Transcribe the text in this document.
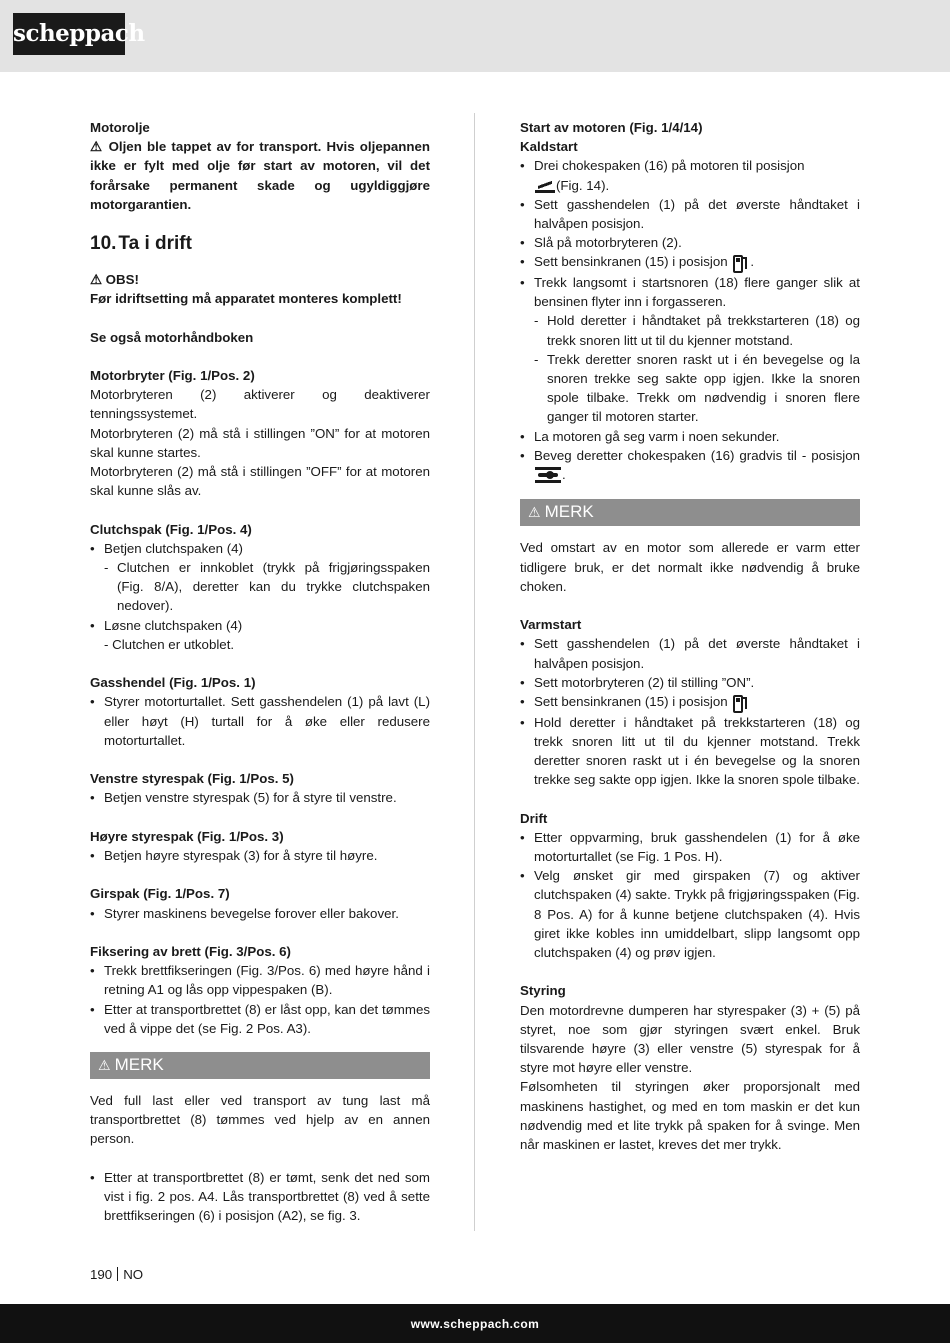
scheppach
Motorolje
⚠ Oljen ble tappet av for transport. Hvis oljepannen ikke er fylt med olje før start av motoren, vil det forårsake permanent skade og ugyldiggjøre motorgarantien.
10. Ta i drift
⚠ OBS!
Før idriftsetting må apparatet monteres komplett!
Se også motorhåndboken
Motorbryter (Fig. 1/Pos. 2)
Motorbryteren (2) aktiverer og deaktiverer tenningssystemet.
Motorbryteren (2) må stå i stillingen ”ON” for at motoren skal kunne startes.
Motorbryteren (2) må stå i stillingen ”OFF” for at motoren skal kunne slås av.
Clutchspak (Fig. 1/Pos. 4)
• Betjen clutchspaken (4)
- Clutchen er innkoblet (trykk på frigjøringsspaken (Fig. 8/A), deretter kan du trykke clutchspaken nedover).
• Løsne clutchspaken (4)
- Clutchen er utkoblet.
Gasshendel (Fig. 1/Pos. 1)
• Styrer motorturtallet. Sett gasshendelen (1) på lavt (L) eller høyt (H) turtall for å øke eller redusere motorturtallet.
Venstre styrespak (Fig. 1/Pos. 5)
• Betjen venstre styrespak (5) for å styre til venstre.
Høyre styrespak (Fig. 1/Pos. 3)
• Betjen høyre styrespak (3) for å styre til høyre.
Girspak (Fig. 1/Pos. 7)
• Styrer maskinens bevegelse forover eller bakover.
Fiksering av brett (Fig. 3/Pos. 6)
• Trekk brettfikseringen (Fig. 3/Pos. 6) med høyre hånd i retning A1 og lås opp vippespaken (B).
• Etter at transportbrettet (8) er låst opp, kan det tømmes ved å vippe det (se Fig. 2 Pos. A3).
⚠ MERK
Ved full last eller ved transport av tung last må transportbrettet (8) tømmes ved hjelp av en annen person.
• Etter at transportbrettet (8) er tømt, senk det ned som vist i fig. 2 pos. A4. Lås transportbrettet (8) ved å sette brettfikseringen (6) i posisjon (A2), se fig. 3.
Start av motoren (Fig. 1/4/14)
Kaldstart
• Drei chokespaken (16) på motoren til posisjon
(Fig. 14).
• Sett gasshendelen (1) på det øverste håndtaket i halvåpen posisjon.
• Slå på motorbryteren (2).
• Sett bensinkranen (15) i posisjon .
• Trekk langsomt i startsnoren (18) flere ganger slik at bensinen flyter inn i forgasseren.
- Hold deretter i håndtaket på trekkstarteren (18) og trekk snoren litt ut til du kjenner motstand.
- Trekk deretter snoren raskt ut i én bevegelse og la snoren trekke seg sakte opp igjen. Ikke la snoren spole tilbake. Trekk om nødvendig i snoren flere ganger til motoren starter.
• La motoren gå seg varm i noen sekunder.
• Beveg deretter chokespaken (16) gradvis til - posisjon
.
⚠ MERK
Ved omstart av en motor som allerede er varm etter tidligere bruk, er det normalt ikke nødvendig å bruke choken.
Varmstart
• Sett gasshendelen (1) på det øverste håndtaket i halvåpen posisjon.
• Sett motorbryteren (2) til stilling ”ON”.
• Sett bensinkranen (15) i posisjon
• Hold deretter i håndtaket på trekkstarteren (18) og trekk snoren litt ut til du kjenner motstand. Trekk deretter snoren raskt ut i én bevegelse og la snoren trekke seg sakte opp igjen. Ikke la snoren spole tilbake.
Drift
• Etter oppvarming, bruk gasshendelen (1) for å øke motorturtallet (se Fig. 1 Pos. H).
• Velg ønsket gir med girspaken (7) og aktiver clutchspaken (4) sakte. Trykk på frigjøringsspaken (Fig. 8 Pos. A) for å kunne betjene clutchspaken (4). Hvis giret ikke kobles inn umiddelbart, slipp langsomt opp clutchspaken (4) og prøv igjen.
Styring
Den motordrevne dumperen har styrespaker (3) + (5) på styret, noe som gjør styringen svært enkel. Bruk tilsvarende høyre (3) eller venstre (5) styrespak for å styre mot høyre eller venstre.
Følsomheten til styringen øker proporsjonalt med maskinens hastighet, og med en tom maskin er det kun nødvendig med et lite trykk på spaken for å svinge. Men når maskinen er lastet, kreves det mer trykk.
190 NO
www.scheppach.com
